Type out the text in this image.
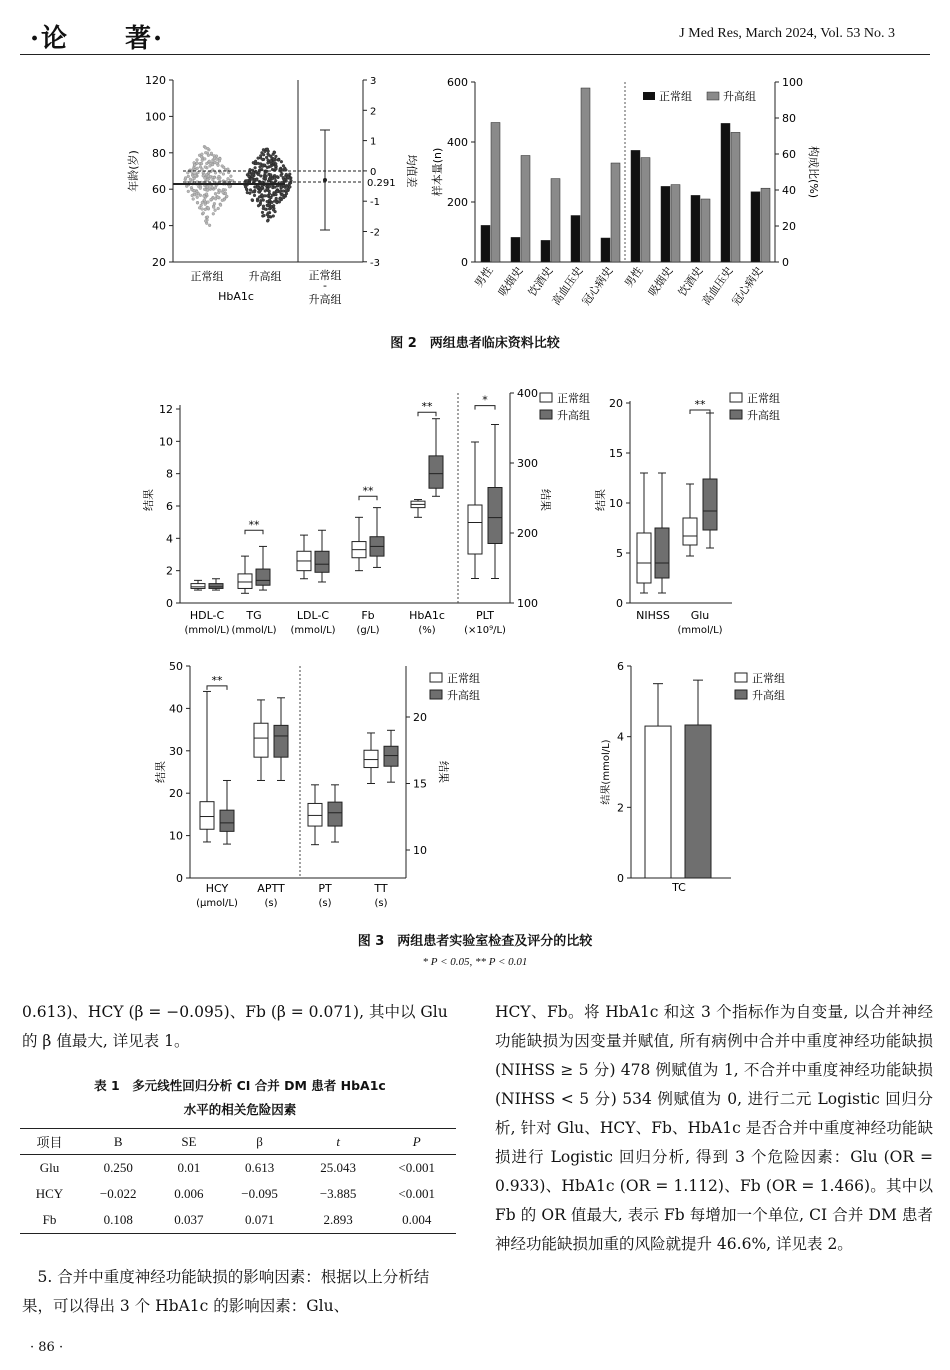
·论　　著·	J Med Res, March 2024, Vol. 53 No. 3
120
100
80
60
40
20
3
2
1
0
-1
-2
-3
0.291
年龄(岁)	均值差
正常组 升高组
HbA1c
正常组
-
升高组
600
400
200
0
100
80
60
40
20
0
男性 吸烟史 饮酒史
高血压史
冠心病史 男性 吸烟史 饮酒史
高血压史
冠心病史
样本量(n)	构成比(%)
正常组	升高组
图 2　两组患者临床资料比较
12
10
8
6
4
2
0
400
300
200
100
**
**
**
*
HDL-C
(mmol/L)
TG
(mmol/L)
LDL-C
(mmol/L)
Fb
(g/L)
HbA1c
(%)
PLT
(×10⁹/L)
结果	结果
正常组
升高组
20
15
10
5
0
**
NIHSS Glu
(mmol/L)
结果
正常组
升高组
50
40
30
20
10
0
20
15
10
**
HCY
(μmol/L)
APTT
(s)
PT
(s)
TT
(s)
结果	结果
正常组
升高组
6
4
2
0
结果(mmol/L)
TC
正常组
升高组
图 3　两组患者实验室检查及评分的比较
* P < 0.05, ** P < 0.01
0.613)、HCY (β = −0.095)、Fb (β = 0.071), 其中以 Glu 的 β 值最大, 详见表 1。
表 1　多元线性回归分析 CI 合并 DM 患者 HbA1c
水平的相关危险因素
项目	B	SE	β	t	P
Glu	0.250	0.01	0.613	25.043	<0.001
HCY	−0.022	0.006	−0.095	−3.885	<0.001
Fb	0.108	0.037	0.071	2.893	0.004
　5. 合并中重度神经功能缺损的影响因素：根据以上分析结果，可以得出 3 个 HbA1c 的影响因素：Glu、
· 86 ·
HCY、Fb。将 HbA1c 和这 3 个指标作为自变量, 以合并神经功能缺损为因变量并赋值, 所有病例中合并中重度神经功能缺损 (NIHSS ≥ 5 分) 478 例赋值为 1, 不合并中重度神经功能缺损 (NIHSS < 5 分) 534 例赋值为 0, 进行二元 Logistic 回归分析, 针对 Glu、HCY、Fb、HbA1c 是否合并中重度神经功能缺损进行 Logistic 回归分析, 得到 3 个危险因素：Glu (OR = 0.933)、HbA1c (OR = 1.112)、Fb (OR = 1.466)。其中以 Fb 的 OR 值最大, 表示 Fb 每增加一个单位, CI 合并 DM 患者神经功能缺损加重的风险就提升 46.6%, 详见表 2。
